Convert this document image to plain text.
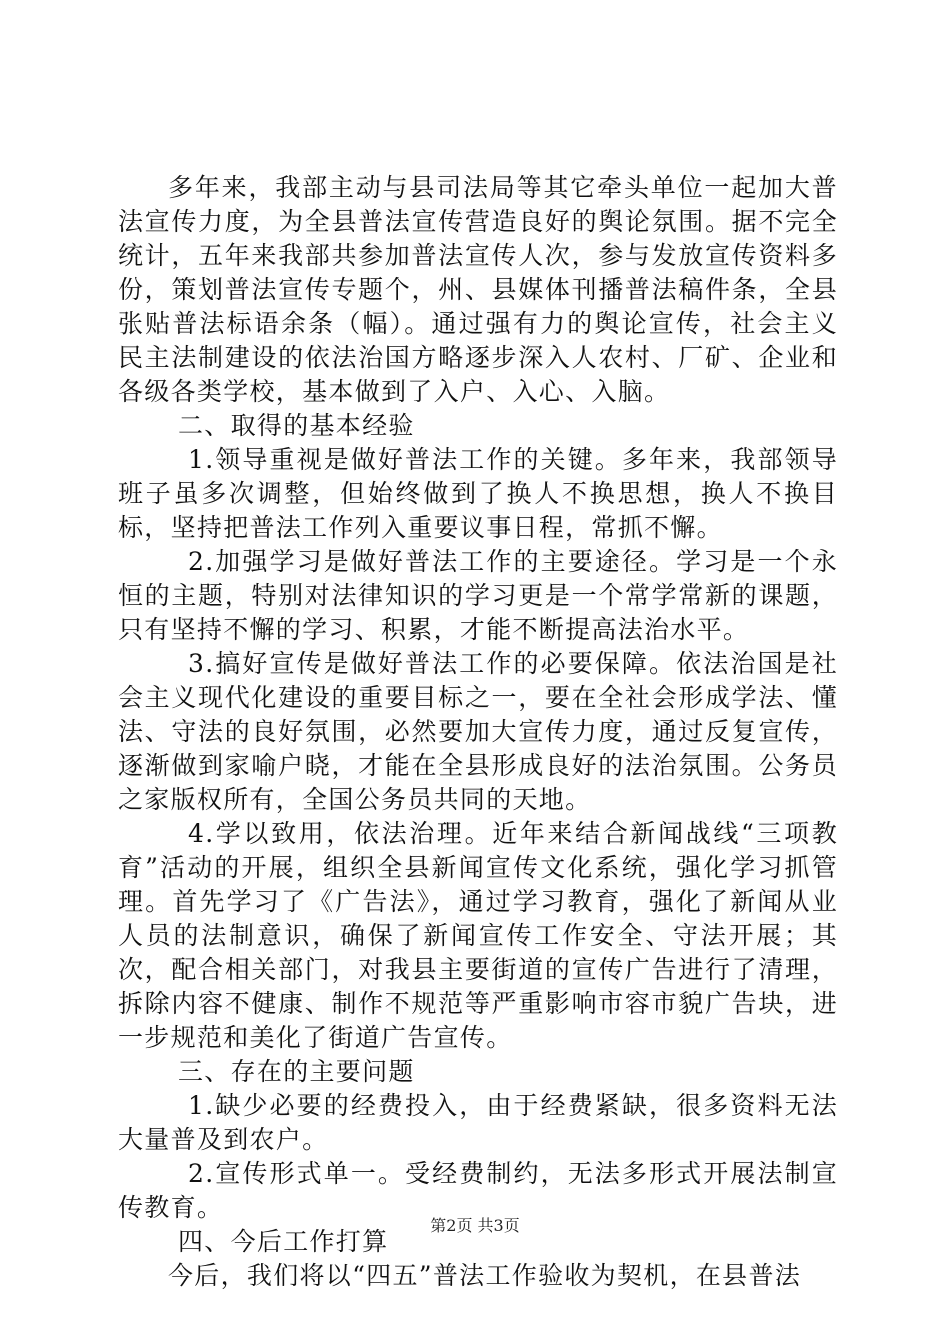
多年来，我部主动与县司法局等其它牵头单位一起加大普法宣传力度，为全县普法宣传营造良好的舆论氛围。据不完全统计，五年来我部共参加普法宣传人次，参与发放宣传资料多份，策划普法宣传专题个，州、县媒体刊播普法稿件条，全县张贴普法标语余条（幅）。通过强有力的舆论宣传，社会主义民主法制建设的依法治国方略逐步深入人农村、厂矿、企业和各级各类学校，基本做到了入户、入心、入脑。

二、取得的基本经验

1.领导重视是做好普法工作的关键。多年来，我部领导班子虽多次调整，但始终做到了换人不换思想，换人不换目标，坚持把普法工作列入重要议事日程，常抓不懈。

2.加强学习是做好普法工作的主要途径。学习是一个永恒的主题，特别对法律知识的学习更是一个常学常新的课题，只有坚持不懈的学习、积累，才能不断提高法治水平。

3.搞好宣传是做好普法工作的必要保障。依法治国是社会主义现代化建设的重要目标之一，要在全社会形成学法、懂法、守法的良好氛围，必然要加大宣传力度，通过反复宣传，逐渐做到家喻户晓，才能在全县形成良好的法治氛围。公务员之家版权所有，全国公务员共同的天地。

4.学以致用，依法治理。近年来结合新闻战线“三项教育”活动的开展，组织全县新闻宣传文化系统，强化学习抓管理。首先学习了《广告法》，通过学习教育，强化了新闻从业人员的法制意识，确保了新闻宣传工作安全、守法开展；其次，配合相关部门，对我县主要街道的宣传广告进行了清理，拆除内容不健康、制作不规范等严重影响市容市貌广告块，进一步规范和美化了街道广告宣传。

三、存在的主要问题

1.缺少必要的经费投入，由于经费紧缺，很多资料无法大量普及到农户。

2.宣传形式单一。受经费制约，无法多形式开展法制宣传教育。

四、今后工作打算

今后，我们将以“四五”普法工作验收为契机，在县普法

第2页 共3页
